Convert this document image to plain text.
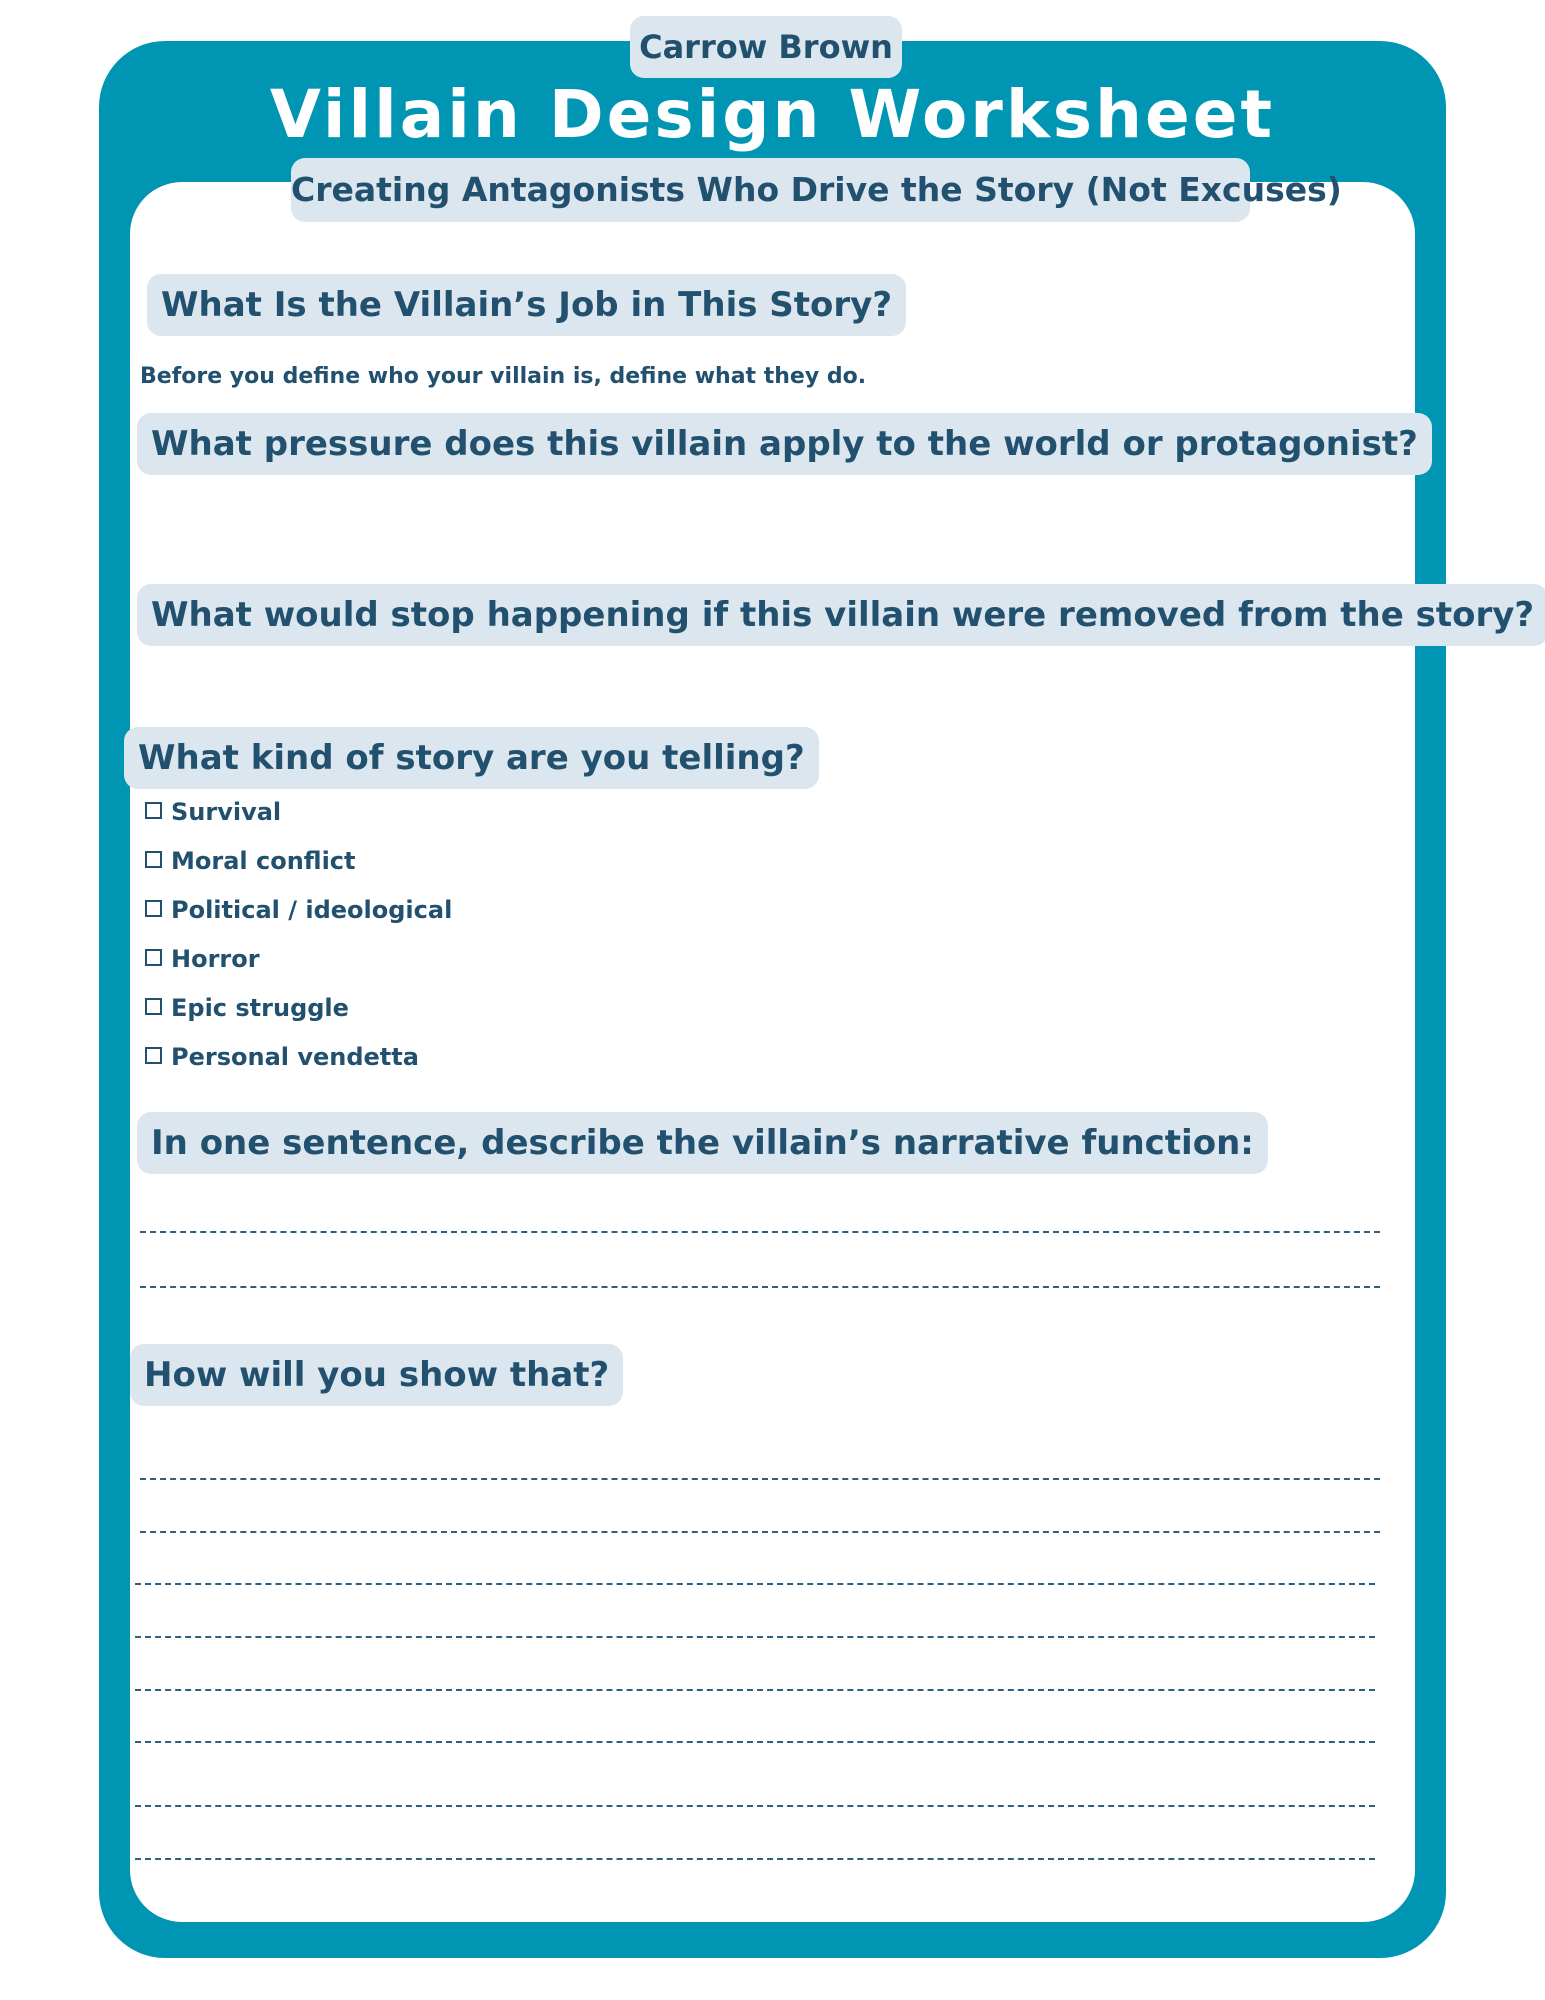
Carrow Brown
Villain Design Worksheet
Creating Antagonists Who Drive the Story (Not Excuses)
What Is the Villain’s Job in This Story?
Before you define who your villain is, define what they do.
What pressure does this villain apply to the world or protagonist?
What would stop happening if this villain were removed from the story?
What kind of story are you telling?
Survival
Moral conflict
Political / ideological
Horror
Epic struggle
Personal vendetta
In one sentence, describe the villain’s narrative function:
How will you show that?
